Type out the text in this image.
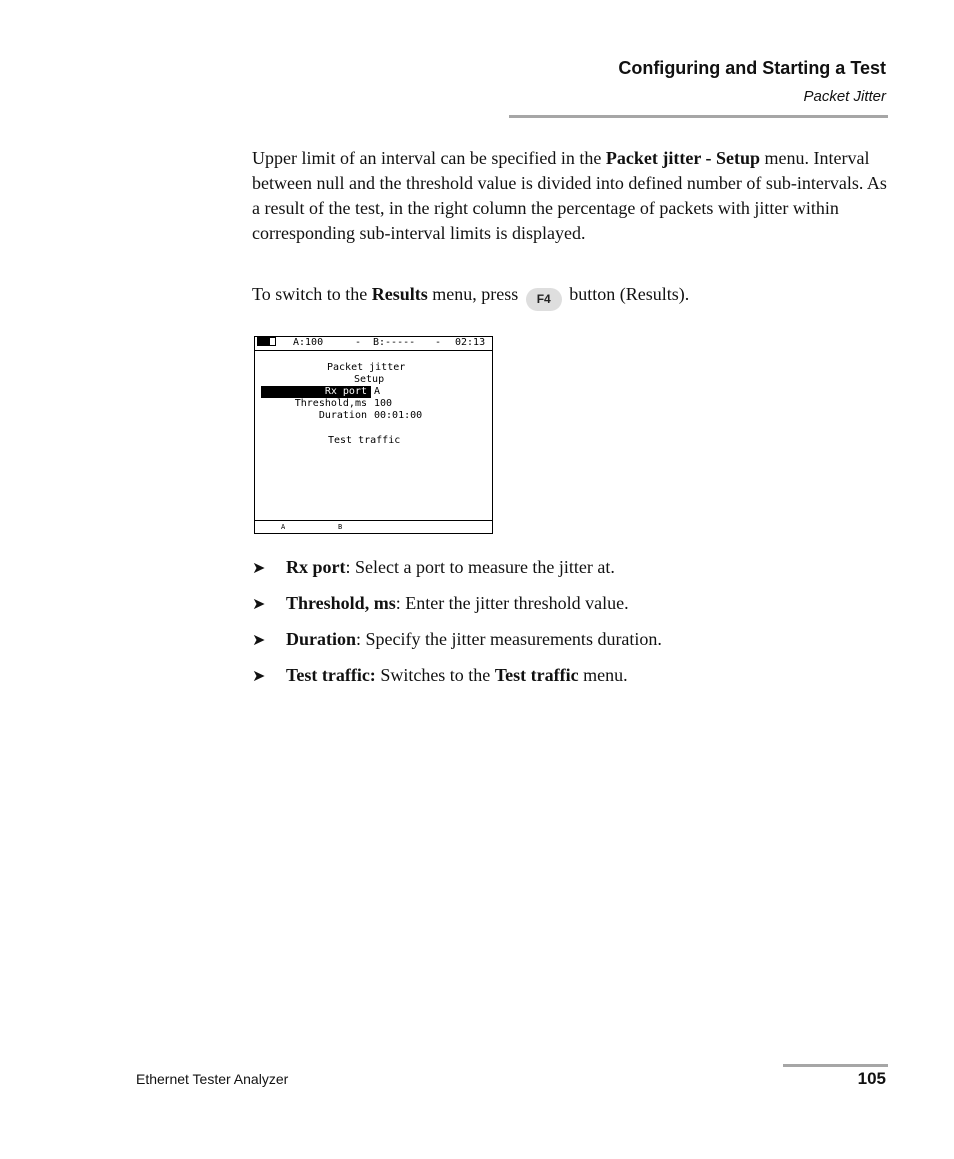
Configuring and Starting a Test
Packet Jitter
Upper limit of an interval can be specified in the Packet jitter - Setup menu. Interval between null and the threshold value is divided into defined number of sub-intervals. As a result of the test, in the right column the percentage of packets with jitter within corresponding sub-interval limits is displayed.
To switch to the Results menu, press F4 button (Results).
A:100	- B:----- - 02:13
Packet jitter
Setup
Rx port A
Threshold,ms 100
Duration 00:01:00
Test traffic
A	B
➤ Rx port: Select a port to measure the jitter at.
➤ Threshold, ms: Enter the jitter threshold value.
➤ Duration: Specify the jitter measurements duration.
➤ Test traffic: Switches to the Test traffic menu.
Ethernet Tester Analyzer	105
